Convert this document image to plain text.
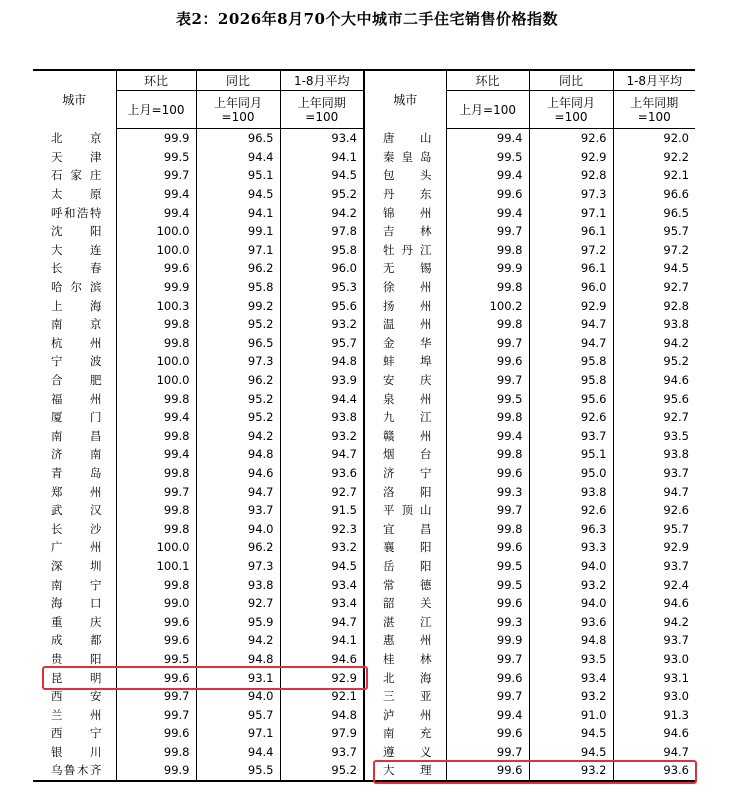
表2：2026年8月70个大中城市二手住宅销售价格指数
城市	环比	同比	1-8月平均	城市	环比	同比	1-8月平均
	上月=100	上年同月=100	上年同期=100		上月=100	上年同月=100	上年同期=100
北京	99.9	96.5	93.4	唐山	99.4	92.6	92.0
天津	99.5	94.4	94.1	秦皇岛	99.5	92.9	92.2
石家庄	99.7	95.1	94.5	包头	99.4	92.8	92.1
太原	99.4	94.5	95.2	丹东	99.6	97.3	96.6
呼和浩特	99.4	94.1	94.2	锦州	99.4	97.1	96.5
沈阳	100.0	99.1	97.8	吉林	99.7	96.1	95.7
大连	100.0	97.1	95.8	牡丹江	99.8	97.2	97.2
长春	99.6	96.2	96.0	无锡	99.9	96.1	94.5
哈尔滨	99.9	95.8	95.3	徐州	99.8	96.0	92.7
上海	100.3	99.2	95.6	扬州	100.2	92.9	92.8
南京	99.8	95.2	93.2	温州	99.8	94.7	93.8
杭州	99.8	96.5	95.7	金华	99.7	94.7	94.2
宁波	100.0	97.3	94.8	蚌埠	99.6	95.8	95.2
合肥	100.0	96.2	93.9	安庆	99.7	95.8	94.6
福州	99.8	95.2	94.4	泉州	99.5	95.6	95.6
厦门	99.4	95.2	93.8	九江	99.8	92.6	92.7
南昌	99.8	94.2	93.2	赣州	99.4	93.7	93.5
济南	99.4	94.8	94.7	烟台	99.8	95.1	93.8
青岛	99.8	94.6	93.6	济宁	99.6	95.0	93.7
郑州	99.7	94.7	92.7	洛阳	99.3	93.8	94.7
武汉	99.8	93.7	91.5	平顶山	99.7	92.6	92.6
长沙	99.8	94.0	92.3	宜昌	99.8	96.3	95.7
广州	100.0	96.2	93.2	襄阳	99.6	93.3	92.9
深圳	100.1	97.3	94.5	岳阳	99.5	94.0	93.7
南宁	99.8	93.8	93.4	常德	99.5	93.2	92.4
海口	99.0	92.7	93.4	韶关	99.6	94.0	94.6
重庆	99.6	95.9	94.7	湛江	99.3	93.6	94.2
成都	99.6	94.2	94.1	惠州	99.9	94.8	93.7
贵阳	99.5	94.8	94.6	桂林	99.7	93.5	93.0
昆明	99.6	93.1	92.9	北海	99.6	93.4	93.1
西安	99.7	94.0	92.1	三亚	99.7	93.2	93.0
兰州	99.7	95.7	94.8	泸州	99.4	91.0	91.3
西宁	99.6	97.1	97.9	南充	99.6	94.5	94.6
银川	99.8	94.4	93.7	遵义	99.7	94.5	94.7
乌鲁木齐	99.9	95.5	95.2	大理	99.6	93.2	93.6
